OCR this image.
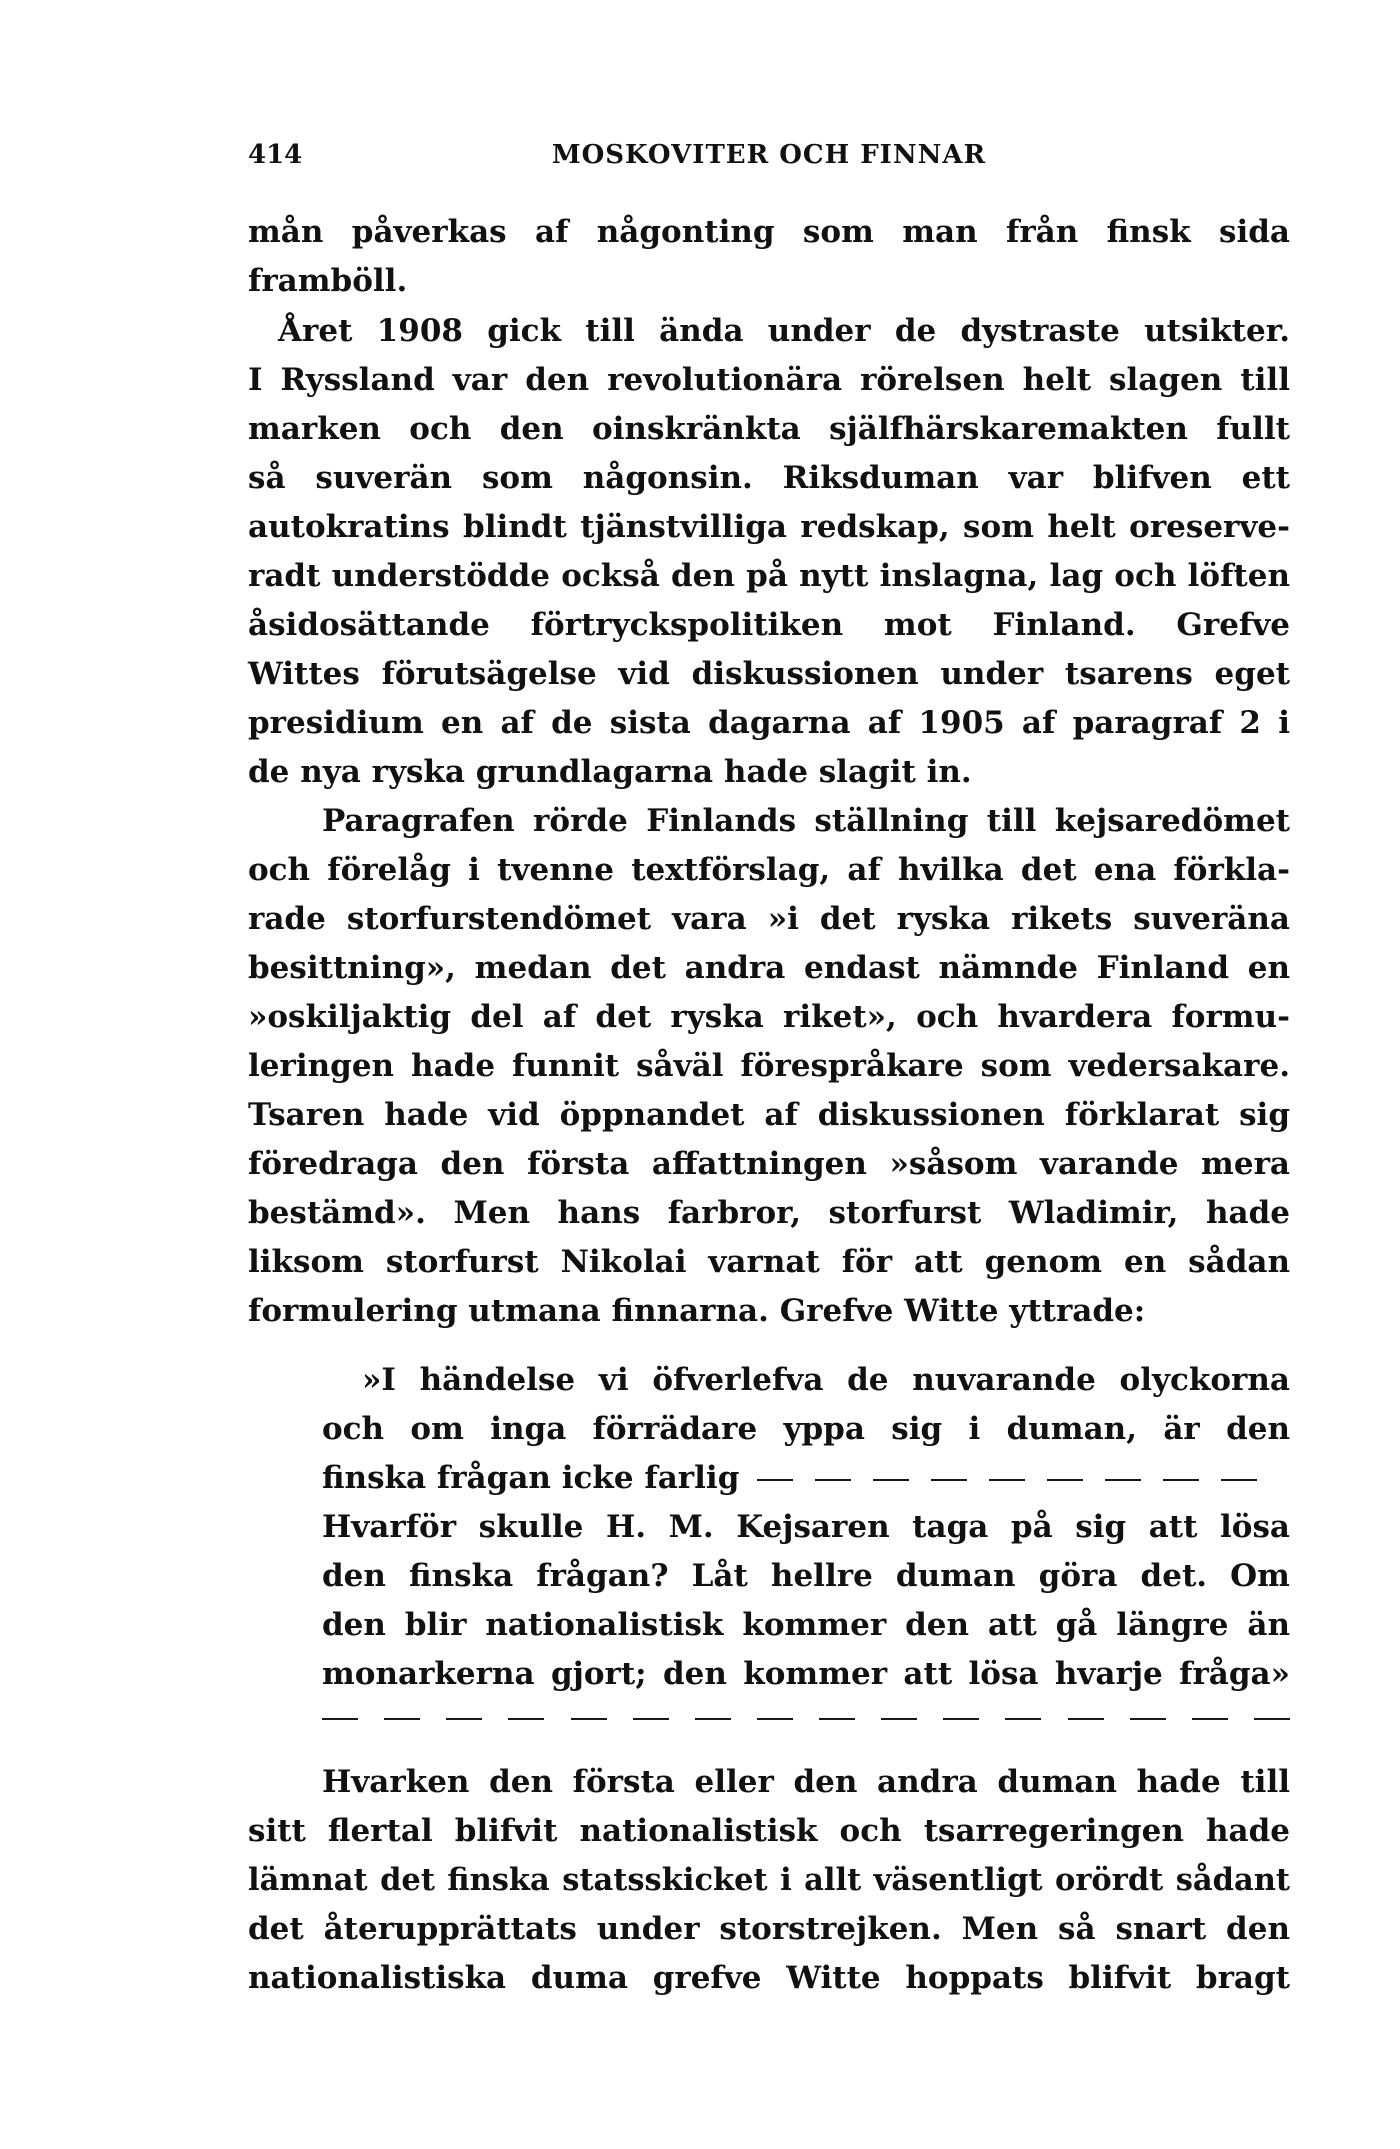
414	MOSKOVITER OCH FINNAR
mån påverkas af någonting som man från finsk sida
framböll.
Året 1908 gick till ända under de dystraste utsikter.
I Ryssland var den revolutionära rörelsen helt slagen till
marken och den oinskränkta själfhärskaremakten fullt
så suverän som någonsin. Riksduman var blifven ett
autokratins blindt tjänstvilliga redskap, som helt oreserve-
radt understödde också den på nytt inslagna, lag och löften
åsidosättande förtryckspolitiken mot Finland. Grefve
Wittes förutsägelse vid diskussionen under tsarens eget
presidium en af de sista dagarna af 1905 af paragraf 2 i
de nya ryska grundlagarna hade slagit in.
Paragrafen rörde Finlands ställning till kejsaredömet
och förelåg i tvenne textförslag, af hvilka det ena förkla-
rade storfurstendömet vara »i det ryska rikets suveräna
besittning», medan det andra endast nämnde Finland en
»oskiljaktig del af det ryska riket», och hvardera formu-
leringen hade funnit såväl förespråkare som vedersakare.
Tsaren hade vid öppnandet af diskussionen förklarat sig
föredraga den första affattningen »såsom varande mera
bestämd». Men hans farbror, storfurst Wladimir, hade
liksom storfurst Nikolai varnat för att genom en sådan
formulering utmana finnarna. Grefve Witte yttrade:
»I händelse vi öfverlefva de nuvarande olyckorna
och om inga förrädare yppa sig i duman, är den
finska frågan icke farlig
Hvarför skulle H. M. Kejsaren taga på sig att lösa
den finska frågan? Låt hellre duman göra det. Om
den blir nationalistisk kommer den att gå längre än
monarkerna gjort; den kommer att lösa hvarje fråga»
Hvarken den första eller den andra duman hade till
sitt flertal blifvit nationalistisk och tsarregeringen hade
lämnat det finska statsskicket i allt väsentligt orördt sådant
det återupprättats under storstrejken. Men så snart den
nationalistiska duma grefve Witte hoppats blifvit bragt
